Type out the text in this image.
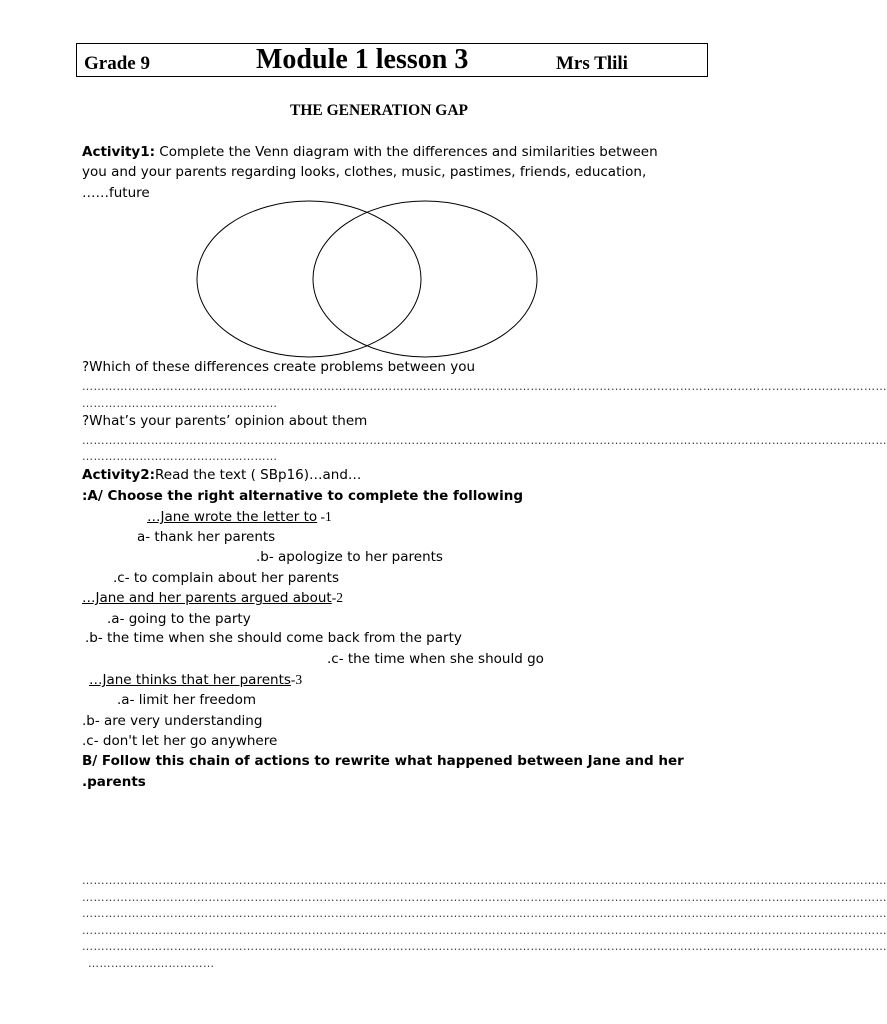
Grade 9	Module 1 lesson 3	Mrs Tlili
THE GENERATION GAP
Activity1: Complete the Venn diagram with the differences and similarities between
you and your parents regarding looks, clothes, music, pastimes, friends, education,
……future
?Which of these differences create problems between you
…………………………………………………………………………………………………………………………………………………………………………………………
……………………………………………
?What’s your parents’ opinion about them
…………………………………………………………………………………………………………………………………………………………………………………………
……………………………………………
Activity2:Read the text ( SBp16)…and…
:A/ Choose the right alternative to complete the following
…Jane wrote the letter to -1
a- thank her parents
.b- apologize to her parents
.c- to complain about her parents
…Jane and her parents argued about-2
.a- going to the party
.b- the time when she should come back from the party
.c- the time when she should go
…Jane thinks that her parents-3
.a- limit her freedom
.b- are very understanding
.c- don't let her go anywhere
B/ Follow this chain of actions to rewrite what happened between Jane and her
.parents
…………………………………………………………………………………………………………………………………………………………………………………………
…………………………………………………………………………………………………………………………………………………………………………………………
…………………………………………………………………………………………………………………………………………………………………………………………
…………………………………………………………………………………………………………………………………………………………………………………………
…………………………………………………………………………………………………………………………………………………………………………………………
……………………………
